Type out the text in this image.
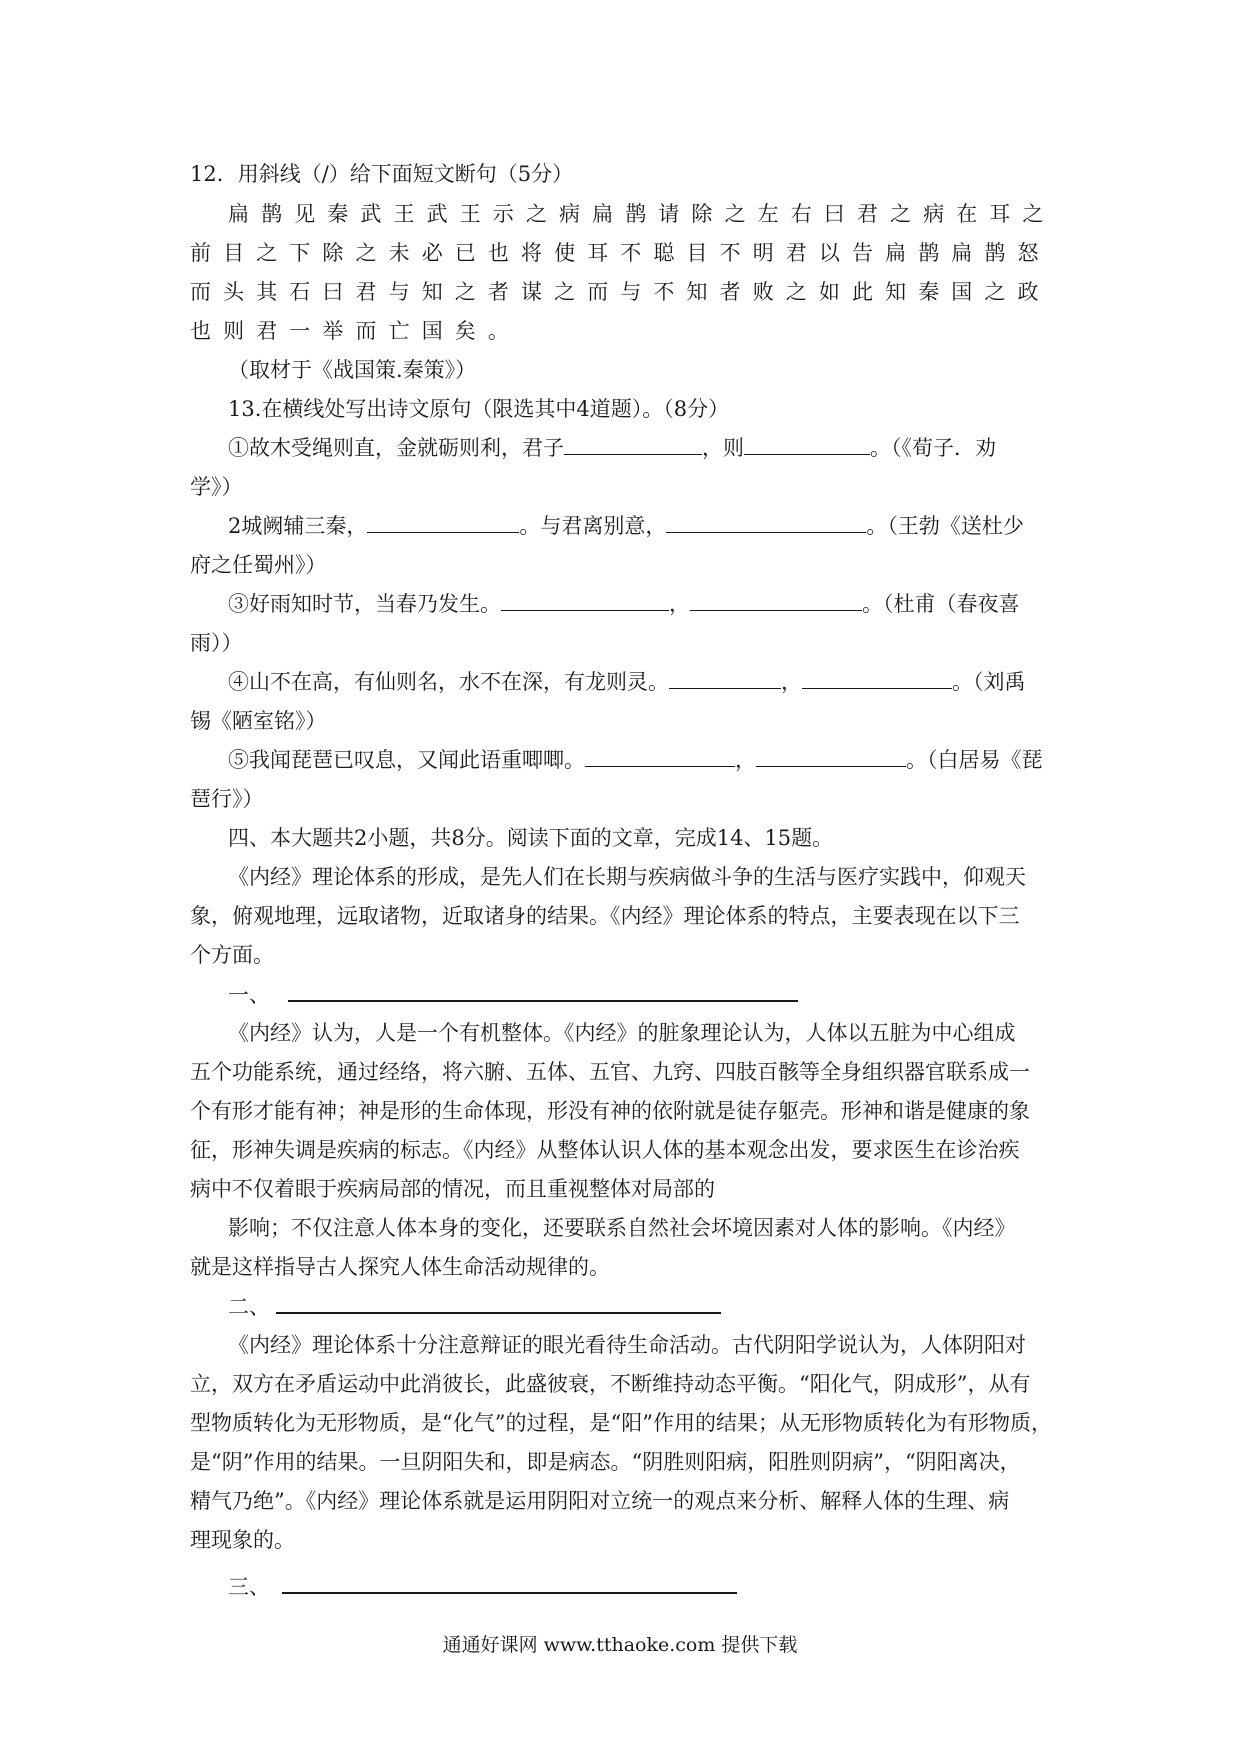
12．用斜线（/）给下面短文断句（5分）
扁鹊见秦武王武王示之病扁鹊请除之左右曰君之病在耳之
前目之下除之未必已也将使耳不聪目不明君以告扁鹊扁鹊怒
而头其石曰君与知之者谋之而与不知者败之如此知秦国之政
也则君一举而亡国矣。
（取材于《战国策.秦策》）
13.在横线处写出诗文原句（限选其中4道题）。（8分）
①故木受绳则直，金就砺则利，君子	，则	。（《荀子．劝
学》）
2城阙辅三秦，	。与君离别意，	。（王勃《送杜少
府之任蜀州》）
③好雨知时节，当春乃发生。	，	。（杜甫（春夜喜
雨））
④山不在高，有仙则名，水不在深，有龙则灵。	，	。（刘禹
锡《陋室铭》）
⑤我闻琵琶已叹息，又闻此语重唧唧。	，	。（白居易《琵
琶行》）
四、本大题共2小题，共8分。阅读下面的文章，完成14、15题。
《内经》理论体系的形成，是先人们在长期与疾病做斗争的生活与医疗实践中，仰观天
象，俯观地理，远取诸物，近取诸身的结果。《内经》理论体系的特点，主要表现在以下三
个方面。
一、
《内经》认为，人是一个有机整体。《内经》的脏象理论认为，人体以五脏为中心组成
五个功能系统，通过经络，将六腑、五体、五官、九窍、四肢百骸等全身组织器官联系成一
个有形才能有神；神是形的生命体现，形没有神的依附就是徒存躯壳。形神和谐是健康的象
征，形神失调是疾病的标志。《内经》从整体认识人体的基本观念出发，要求医生在诊治疾
病中不仅着眼于疾病局部的情况，而且重视整体对局部的
影响；不仅注意人体本身的变化，还要联系自然社会坏境因素对人体的影响。《内经》
就是这样指导古人探究人体生命活动规律的。
二、
《内经》理论体系十分注意辩证的眼光看待生命活动。古代阴阳学说认为，人体阴阳对
立，双方在矛盾运动中此消彼长，此盛彼衰，不断维持动态平衡。“阳化气，阴成形”，从有
型物质转化为无形物质，是“化气”的过程，是“阳”作用的结果；从无形物质转化为有形物质，
是“阴”作用的结果。一旦阴阳失和，即是病态。“阴胜则阳病，阳胜则阴病”，“阴阳离决，
精气乃绝”。《内经》理论体系就是运用阴阳对立统一的观点来分析、解释人体的生理、病
理现象的。
三、
通通好课网 www.tthaoke.com 提供下载
